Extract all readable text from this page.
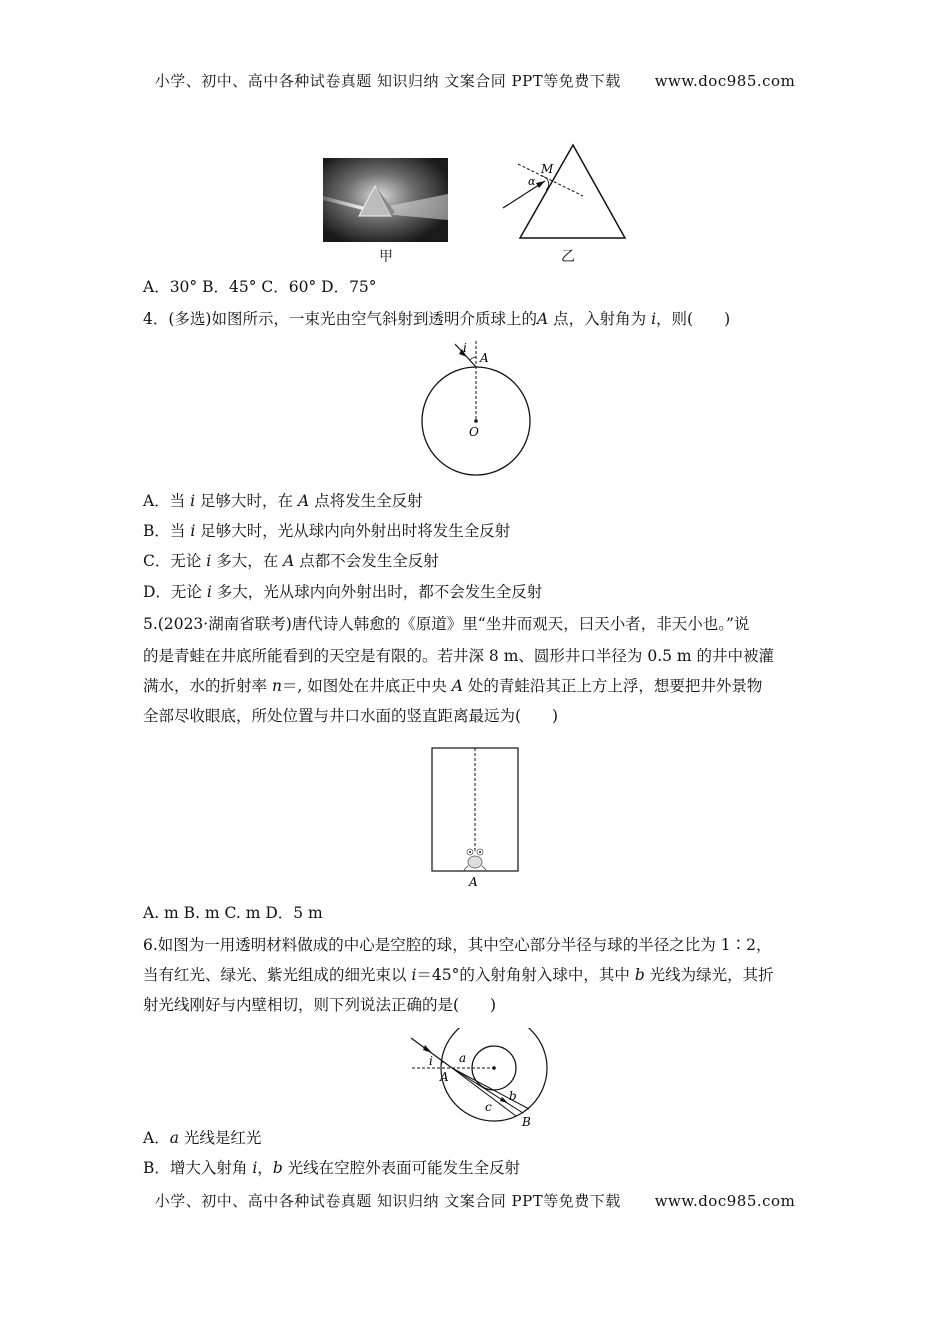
小学、初中、高中各种试卷真题 知识归纳 文案合同 PPT等免费下载 www.doc985.com
甲
M
α
乙
A．30° B．45° C．60° D．75°
4．(多选)如图所示，一束光由空气斜射到透明介质球上的A 点，入射角为 i，则(　　)
i
A
O
A．当 i 足够大时，在 A 点将发生全反射
B．当 i 足够大时，光从球内向外射出时将发生全反射
C．无论 i 多大，在 A 点都不会发生全反射
D．无论 i 多大，光从球内向外射出时，都不会发生全反射
5.(2023·湖南省联考)唐代诗人韩愈的《原道》里“坐井而观天，曰天小者，非天小也。”说
的是青蛙在井底所能看到的天空是有限的。若井深 8 m、圆形井口半径为 0.5 m 的井中被灌
满水，水的折射率 n＝, 如图处在井底正中央 A 处的青蛙沿其正上方上浮，想要把井外景物
全部尽收眼底，所处位置与井口水面的竖直距离最远为(　　)
A
A. m B. m C. m D．5 m
6.如图为一用透明材料做成的中心是空腔的球，其中空心部分半径与球的半径之比为 1∶2，
当有红光、绿光、紫光组成的细光束以 i＝45°的入射角射入球中，其中 b 光线为绿光，其折
射光线刚好与内壁相切，则下列说法正确的是(　　)
i a
A
b
c
B
A．a 光线是红光
B．增大入射角 i，b 光线在空腔外表面可能发生全反射
小学、初中、高中各种试卷真题 知识归纳 文案合同 PPT等免费下载 www.doc985.com
